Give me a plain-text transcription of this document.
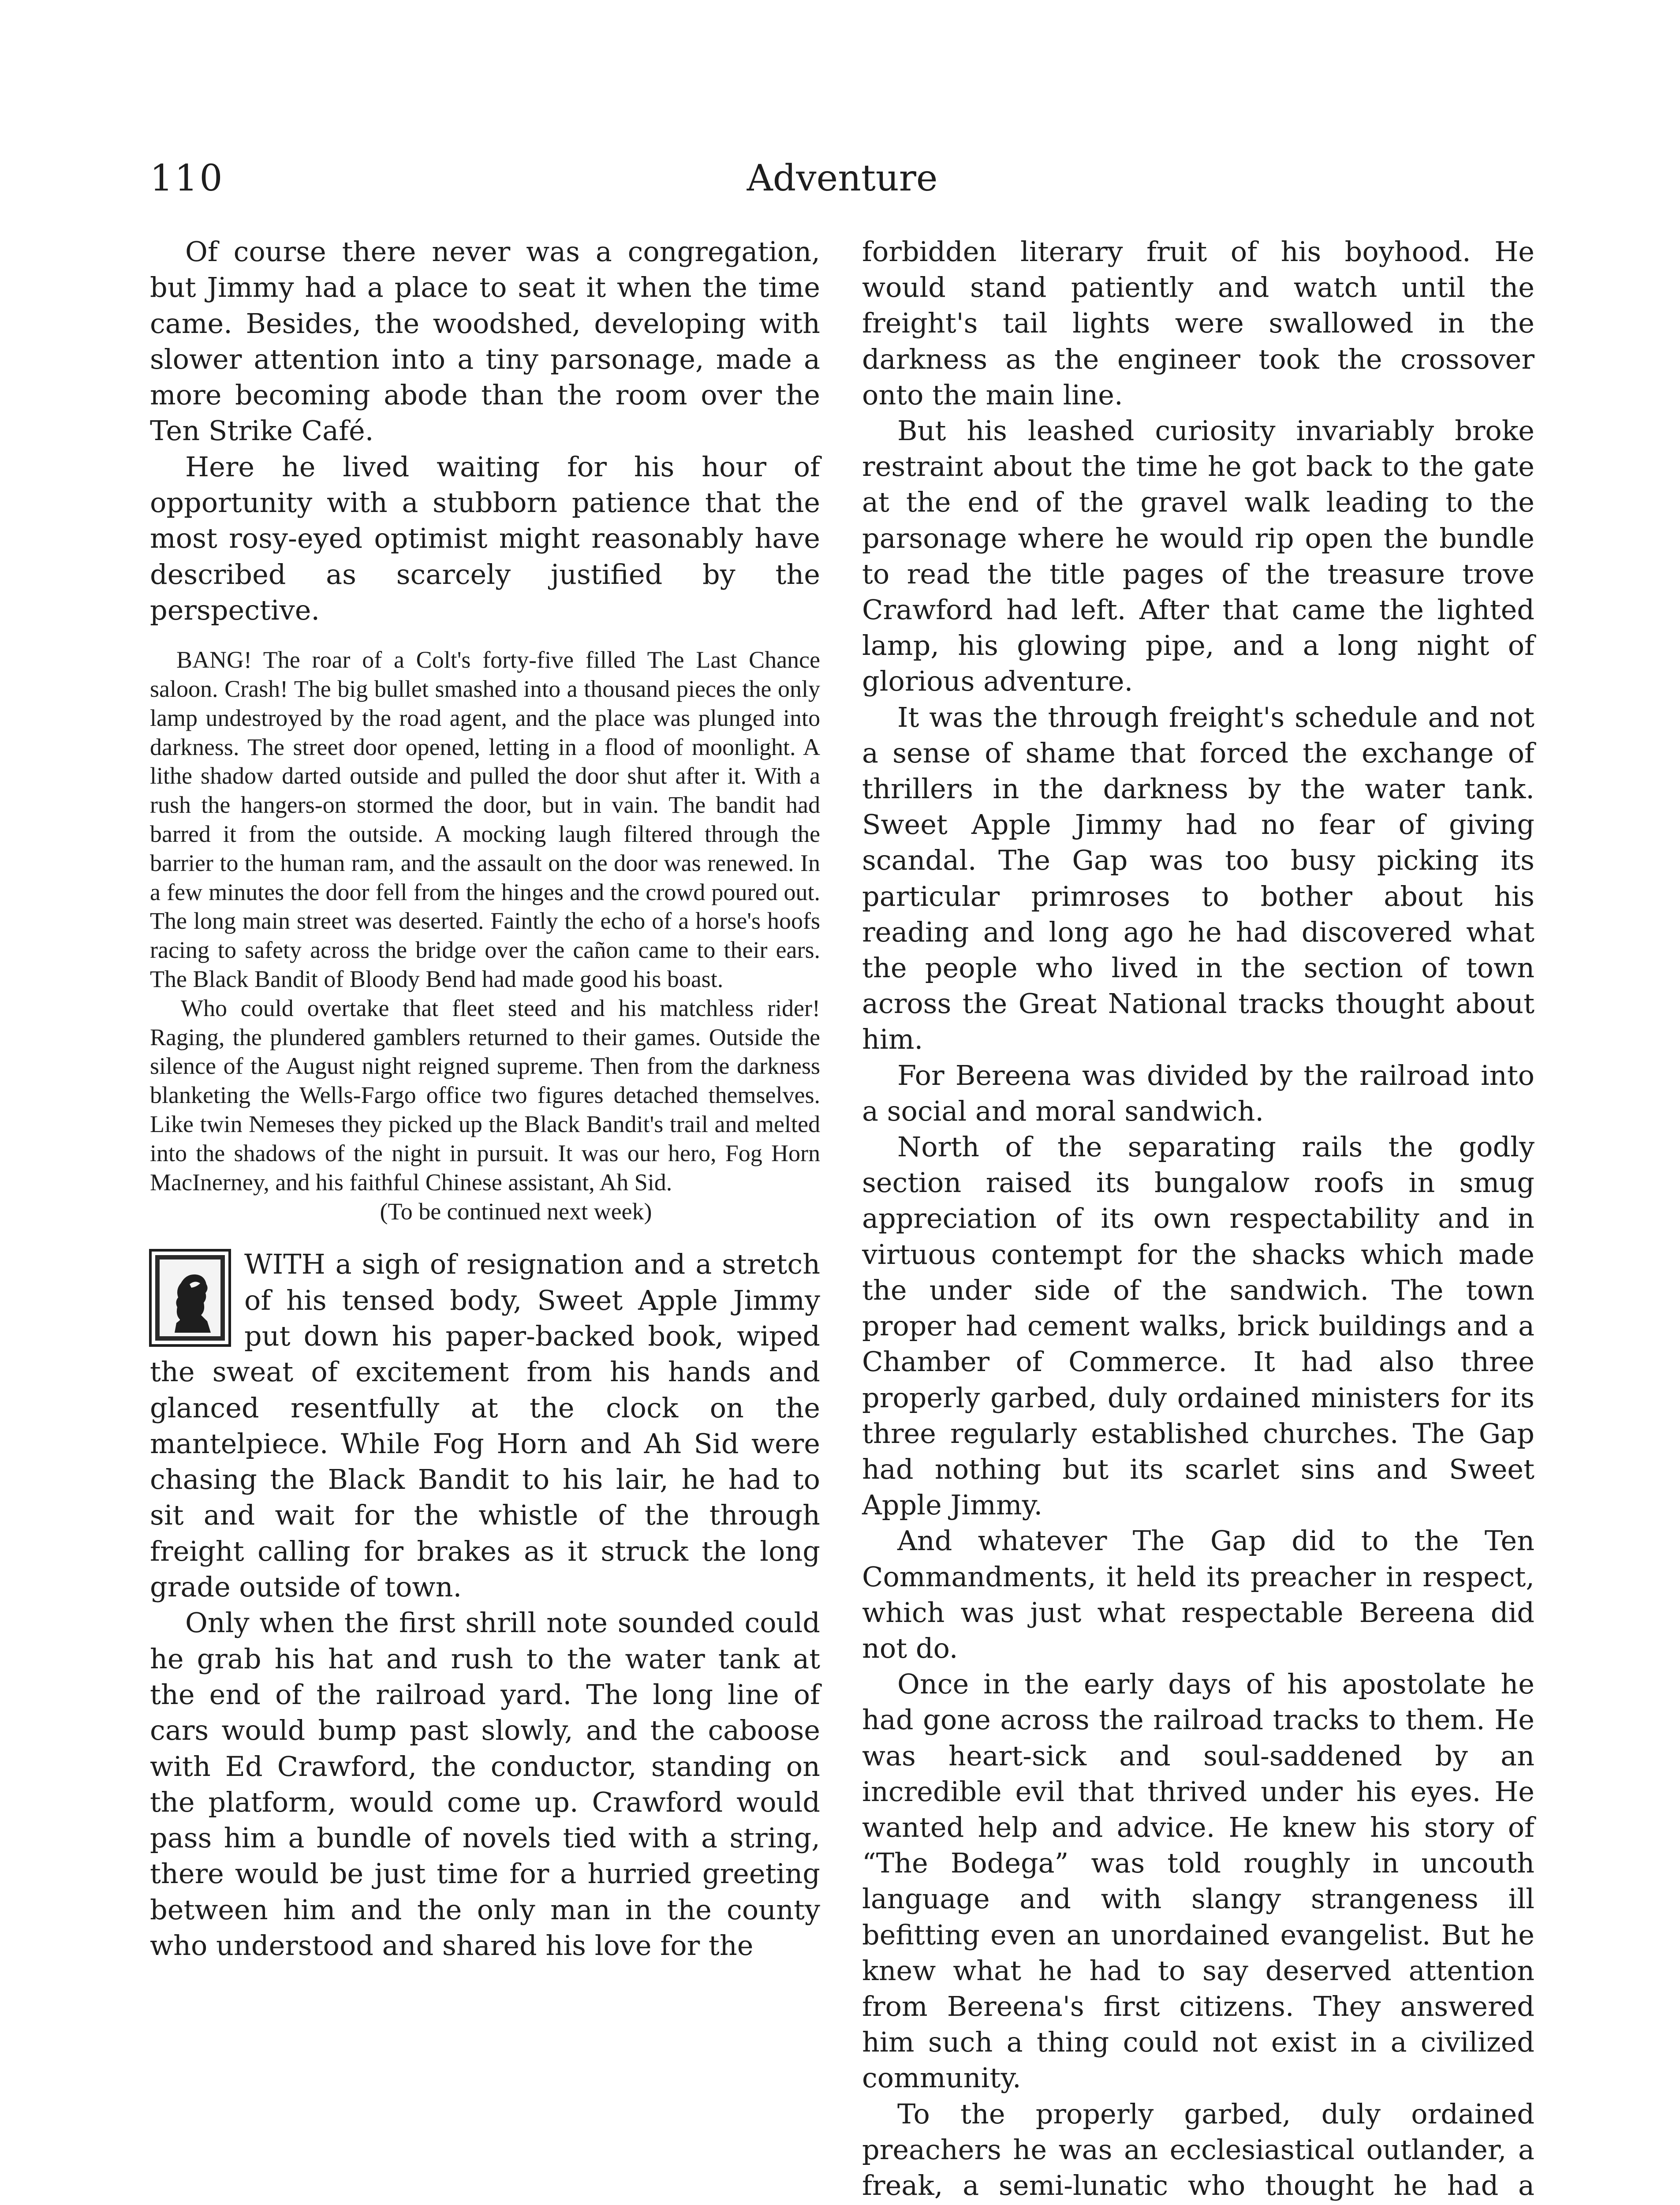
110	Adventure

Of course there never was a congregation, but Jimmy had a place to seat it when the time came. Besides, the woodshed, developing with slower attention into a tiny parsonage, made a more becoming abode than the room over the Ten Strike Café.

Here he lived waiting for his hour of opportunity with a stubborn patience that the most rosy-eyed optimist might reasonably have described as scarcely justified by the perspective.

BANG! The roar of a Colt's forty-five filled The Last Chance saloon. Crash! The big bullet smashed into a thousand pieces the only lamp undestroyed by the road agent, and the place was plunged into darkness. The street door opened, letting in a flood of moonlight. A lithe shadow darted outside and pulled the door shut after it. With a rush the hangers-on stormed the door, but in vain. The bandit had barred it from the outside. A mocking laugh filtered through the barrier to the human ram, and the assault on the door was renewed. In a few minutes the door fell from the hinges and the crowd poured out. The long main street was deserted. Faintly the echo of a horse's hoofs racing to safety across the bridge over the cañon came to their ears. The Black Bandit of Bloody Bend had made good his boast.

Who could overtake that fleet steed and his matchless rider! Raging, the plundered gamblers returned to their games. Outside the silence of the August night reigned supreme. Then from the darkness blanketing the Wells-Fargo office two figures detached themselves. Like twin Nemeses they picked up the Black Bandit's trail and melted into the shadows of the night in pursuit. It was our hero, Fog Horn MacInerney, and his faithful Chinese assistant, Ah Sid.

(To be continued next week)

WITH a sigh of resignation and a stretch of his tensed body, Sweet Apple Jimmy put down his paper-backed book, wiped the sweat of excitement from his hands and glanced resentfully at the clock on the mantelpiece. While Fog Horn and Ah Sid were chasing the Black Bandit to his lair, he had to sit and wait for the whistle of the through freight calling for brakes as it struck the long grade outside of town.

Only when the first shrill note sounded could he grab his hat and rush to the water tank at the end of the railroad yard. The long line of cars would bump past slowly, and the caboose with Ed Crawford, the conductor, standing on the platform, would come up. Crawford would pass him a bundle of novels tied with a string, there would be just time for a hurried greeting between him and the only man in the county who understood and shared his love for the

forbidden literary fruit of his boyhood. He would stand patiently and watch until the freight's tail lights were swallowed in the darkness as the engineer took the crossover onto the main line.

But his leashed curiosity invariably broke restraint about the time he got back to the gate at the end of the gravel walk leading to the parsonage where he would rip open the bundle to read the title pages of the treasure trove Crawford had left. After that came the lighted lamp, his glowing pipe, and a long night of glorious adventure.

It was the through freight's schedule and not a sense of shame that forced the exchange of thrillers in the darkness by the water tank. Sweet Apple Jimmy had no fear of giving scandal. The Gap was too busy picking its particular primroses to bother about his reading and long ago he had discovered what the people who lived in the section of town across the Great National tracks thought about him.

For Bereena was divided by the railroad into a social and moral sandwich.

North of the separating rails the godly section raised its bungalow roofs in smug appreciation of its own respectability and in virtuous contempt for the shacks which made the under side of the sandwich. The town proper had cement walks, brick buildings and a Chamber of Commerce. It had also three properly garbed, duly ordained ministers for its three regularly established churches. The Gap had nothing but its scarlet sins and Sweet Apple Jimmy.

And whatever The Gap did to the Ten Commandments, it held its preacher in respect, which was just what respectable Bereena did not do.

Once in the early days of his apostolate he had gone across the railroad tracks to them. He was heart-sick and soul-saddened by an incredible evil that thrived under his eyes. He wanted help and advice. He knew his story of “The Bodega” was told roughly in uncouth language and with slangy strangeness ill befitting even an unordained evangelist. But he knew what he had to say deserved attention from Bereena's first citizens. They answered him such a thing could not exist in a civilized community.

To the properly garbed, duly ordained preachers he was an ecclesiastical outlander, a freak, a semi-lunatic who thought he had a
